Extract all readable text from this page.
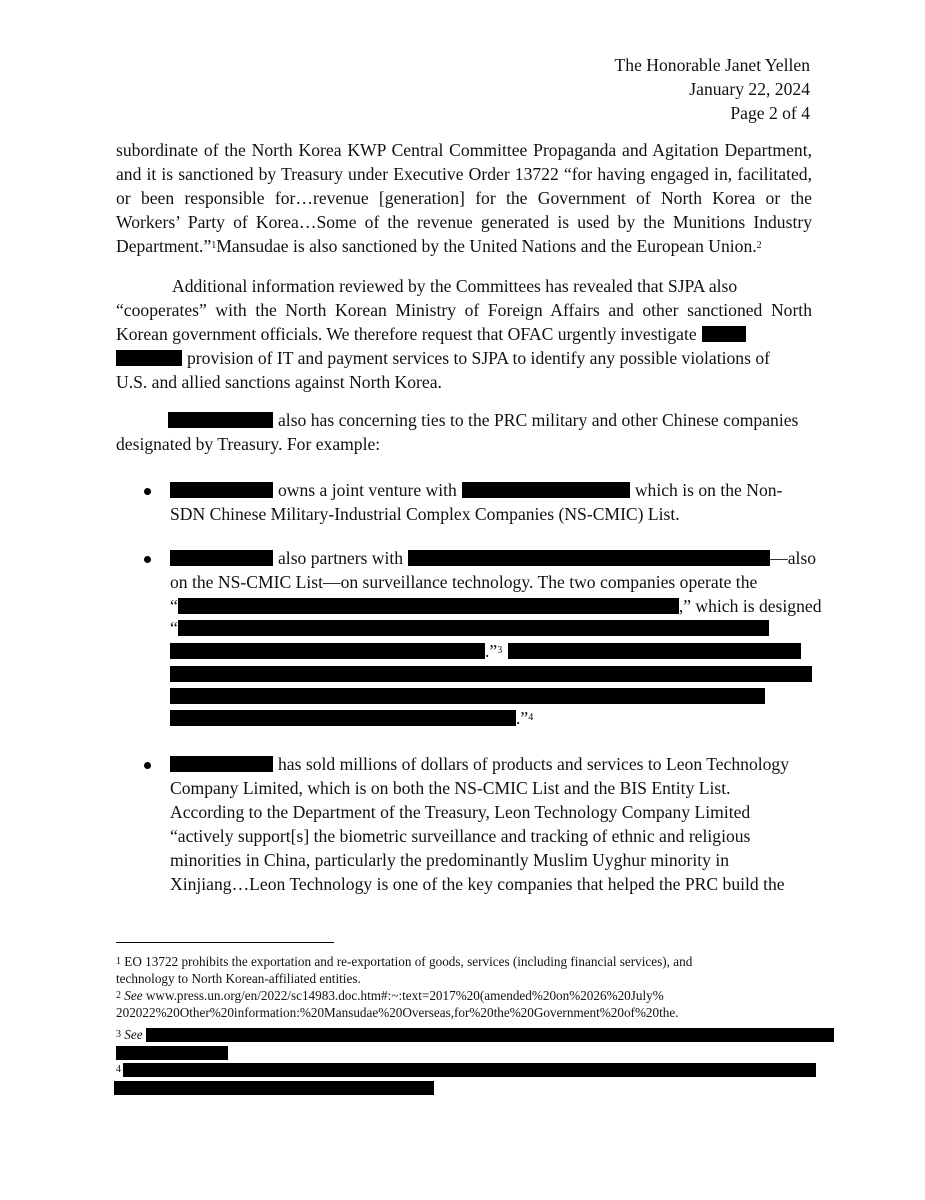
The Honorable Janet Yellen
January 22, 2024
Page 2 of 4
subordinate of the North Korea KWP Central Committee Propaganda and Agitation Department,
and it is sanctioned by Treasury under Executive Order 13722 “for having engaged in, facilitated,
or been responsible for…revenue [generation] for the Government of North Korea or the
Workers’ Party of Korea…Some of the revenue generated is used by the Munitions Industry
Department.” 1 Mansudae is also sanctioned by the United Nations and the European Union. 2
Additional information reviewed by the Committees has revealed that SJPA also
“cooperates” with the North Korean Ministry of Foreign Affairs and other sanctioned North
Korean government officials. We therefore request that OFAC urgently investigate
provision of IT and payment services to SJPA to identify any possible violations of
U.S. and allied sanctions against North Korea.
also has concerning ties to the PRC military and other Chinese companies
designated by Treasury. For example:
owns a joint venture with	which is on the Non-
SDN Chinese Military-Industrial Complex Companies (NS-CMIC) List.
also partners with	—also
on the NS-CMIC List—on surveillance technology. The two companies operate the
“	,” which is designed
“
.” 3
.” 4
has sold millions of dollars of products and services to Leon Technology
Company Limited, which is on both the NS-CMIC List and the BIS Entity List.
According to the Department of the Treasury, Leon Technology Company Limited
“actively support[s] the biometric surveillance and tracking of ethnic and religious
minorities in China, particularly the predominantly Muslim Uyghur minority in
Xinjiang…Leon Technology is one of the key companies that helped the PRC build the
1
EO 13722 prohibits the exportation and re-exportation of goods, services (including financial services), and
technology to North Korean-affiliated entities.
2
See
www.press.un.org/en/2022/sc14983.doc.htm#:~:text=2017%20(amended%20on%2026%20July%
202022%20Other%20information:%20Mansudae%20Overseas,for%20the%20Government%20of%20the.
3
See
4
